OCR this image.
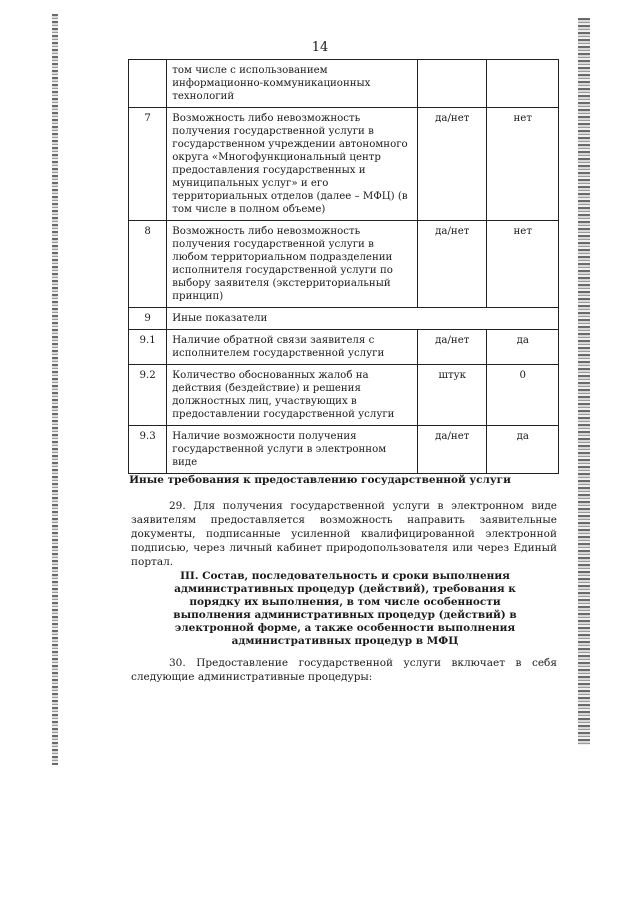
14
	том числе с использованием информационно-коммуникационных технологий		
7	Возможность либо невозможность получения государственной услуги в государственном учреждении автономного округа «Многофункциональный центр предоставления государственных и муниципальных услуг» и его территориальных отделов (далее – МФЦ) (в том числе в полном объеме)	да/нет	нет
8	Возможность либо невозможность получения государственной услуги в любом территориальном подразделении исполнителя государственной услуги по выбору заявителя (экстерриториальный принцип)	да/нет	нет
9	Иные показатели		
9.1	Наличие обратной связи заявителя с исполнителем государственной услуги	да/нет	да
9.2	Количество обоснованных жалоб на действия (бездействие) и решения должностных лиц, участвующих в предоставлении государственной услуги	штук	0
9.3	Наличие возможности получения государственной услуги в электронном виде	да/нет	да
Иные требования к предоставлению государственной услуги
29. Для получения государственной услуги в электронном виде заявителям предоставляется возможность направить заявительные документы, подписанные усиленной квалифицированной электронной подписью, через личный кабинет природопользователя или через Единый портал.
III. Состав, последовательность и сроки выполнения административных процедур (действий), требования к порядку их выполнения, в том числе особенности выполнения административных процедур (действий) в электронной форме, а также особенности выполнения административных процедур в МФЦ
30. Предоставление государственной услуги включает в себя следующие административные процедуры:
